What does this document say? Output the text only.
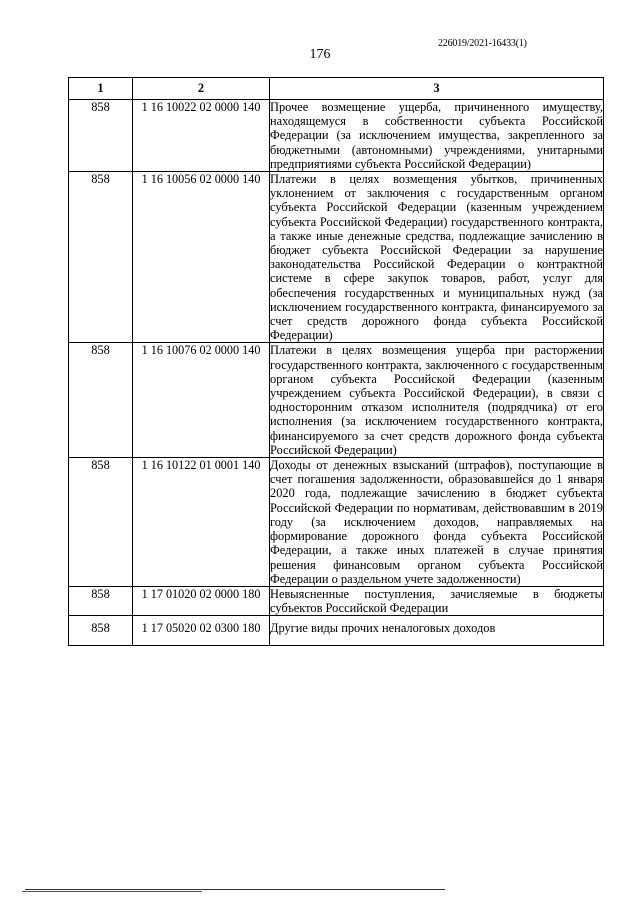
226019/2021-16433(1)
176
1	2	3
858	1 16 10022 02 0000 140	Прочее возмещение ущерба, причиненного имуществу, находящемуся в собственности субъекта Российской Федерации (за исключением имущества, закрепленного за бюджетными (автономными) учреждениями, унитарными предприятиями субъекта Российской Федерации)
858	1 16 10056 02 0000 140	Платежи в целях возмещения убытков, причиненных уклонением от заключения с государственным органом субъекта Российской Федерации (казенным учреждением субъекта Российской Федерации) государственного контракта, а также иные денежные средства, подлежащие зачислению в бюджет субъекта Российской Федерации за нарушение законодательства Российской Федерации о контрактной системе в сфере закупок товаров, работ, услуг для обеспечения государственных и муниципальных нужд (за исключением государственного контракта, финансируемого за счет средств дорожного фонда субъекта Российской Федерации)
858	1 16 10076 02 0000 140	Платежи в целях возмещения ущерба при расторжении государственного контракта, заключенного с государственным органом субъекта Российской Федерации (казенным учреждением субъекта Российской Федерации), в связи с односторонним отказом исполнителя (подрядчика) от его исполнения (за исключением государственного контракта, финансируемого за счет средств дорожного фонда субъекта Российской Федерации)
858	1 16 10122 01 0001 140	Доходы от денежных взысканий (штрафов), поступающие в счет погашения задолженности, образовавшейся до 1 января 2020 года, подлежащие зачислению в бюджет субъекта Российской Федерации по нормативам, действовавшим в 2019 году (за исключением доходов, направляемых на формирование дорожного фонда субъекта Российской Федерации, а также иных платежей в случае принятия решения финансовым органом субъекта Российской Федерации о раздельном учете задолженности)
858	1 17 01020 02 0000 180	Невыясненные поступления, зачисляемые в бюджеты субъектов Российской Федерации
858	1 17 05020 02 0300 180	Другие виды прочих неналоговых доходов
